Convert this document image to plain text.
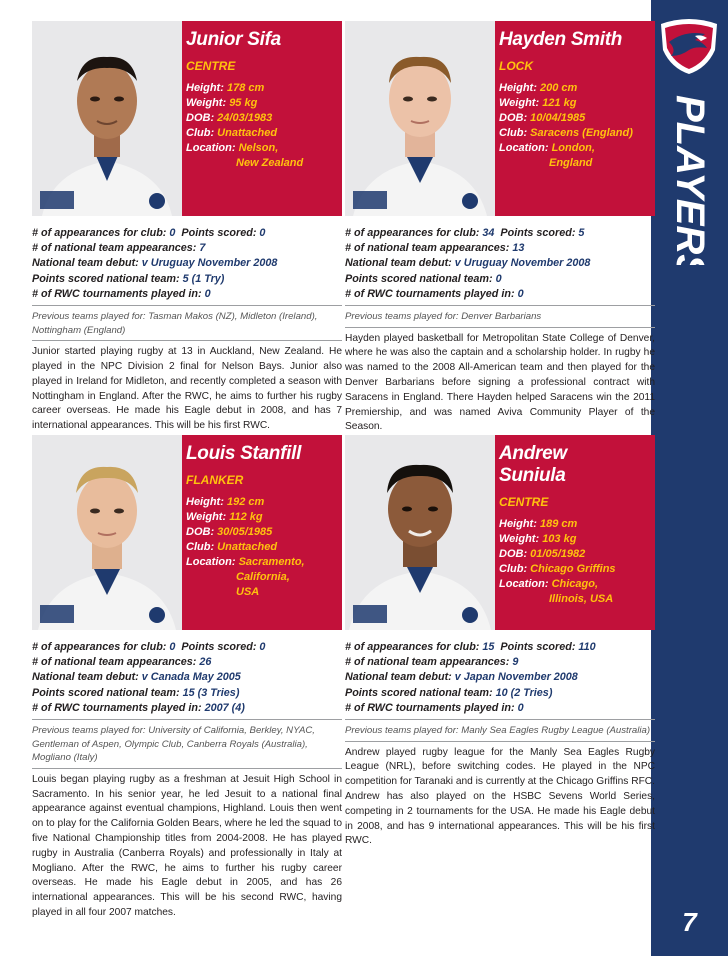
PLAYERS
7
Junior Sifa
CENTRE
Height: 178 cm
Weight: 95 kg
DOB: 24/03/1983
Club: Unattached
Location: Nelson,
New Zealand
# of appearances for club: 0 Points scored: 0
# of national team appearances: 7
National team debut: v Uruguay November 2008
Points scored national team: 5 (1 Try)
# of RWC tournaments played in: 0
Previous teams played for: Tasman Makos (NZ), Midleton (Ireland), Nottingham (England)
Junior started playing rugby at 13 in Auckland, New Zealand. He played in the NPC Division 2 final for Nelson Bays. Junior also played in Ireland for Midleton, and recently completed a season with Nottingham in England. After the RWC, he aims to further his rugby career overseas. He made his Eagle debut in 2008, and has 7 international appearances. This will be his first RWC.
Hayden Smith
LOCK
Height: 200 cm
Weight: 121 kg
DOB: 10/04/1985
Club: Saracens (England)
Location: London,
England
# of appearances for club: 34 Points scored: 5
# of national team appearances: 13
National team debut: v Uruguay November 2008
Points scored national team: 0
# of RWC tournaments played in: 0
Previous teams played for: Denver Barbarians
Hayden played basketball for Metropolitan State College of Denver, where he was also the captain and a scholarship holder. In rugby he was named to the 2008 All-American team and then played for the Denver Barbarians before signing a professional contract with Saracens in England. There Hayden helped Saracens win the 2011 Premiership, and was named Aviva Community Player of the Season.
Louis Stanfill
FLANKER
Height: 192 cm
Weight: 112 kg
DOB: 30/05/1985
Club: Unattached
Location: Sacramento,
California,
USA
# of appearances for club: 0 Points scored: 0
# of national team appearances: 26
National team debut: v Canada May 2005
Points scored national team: 15 (3 Tries)
# of RWC tournaments played in: 2007 (4)
Previous teams played for: University of California, Berkley, NYAC, Gentleman of Aspen, Olympic Club, Canberra Royals (Australia), Mogliano (Italy)
Louis began playing rugby as a freshman at Jesuit High School in Sacramento. In his senior year, he led Jesuit to a national final appearance against eventual champions, Highland. Louis then went on to play for the California Golden Bears, where he led the squad to five National Championship titles from 2004-2008. He has played rugby in Australia (Canberra Royals) and professionally in Italy at Mogliano. After the RWC, he aims to further his rugby career overseas. He made his Eagle debut in 2005, and has 26 international appearances. This will be his second RWC, having played in all four 2007 matches.
Andrew
Suniula
CENTRE
Height: 189 cm
Weight: 103 kg
DOB: 01/05/1982
Club: Chicago Griffins
Location: Chicago,
Illinois, USA
# of appearances for club: 15 Points scored: 110
# of national team appearances: 9
National team debut: v Japan November 2008
Points scored national team: 10 (2 Tries)
# of RWC tournaments played in: 0
Previous teams played for: Manly Sea Eagles Rugby League (Australia)
Andrew played rugby league for the Manly Sea Eagles Rugby League (NRL), before switching codes. He played in the NPC competition for Taranaki and is currently at the Chicago Griffins RFC. Andrew has also played on the HSBC Sevens World Series, competing in 2 tournaments for the USA. He made his Eagle debut in 2008, and has 9 international appearances. This will be his first RWC.
